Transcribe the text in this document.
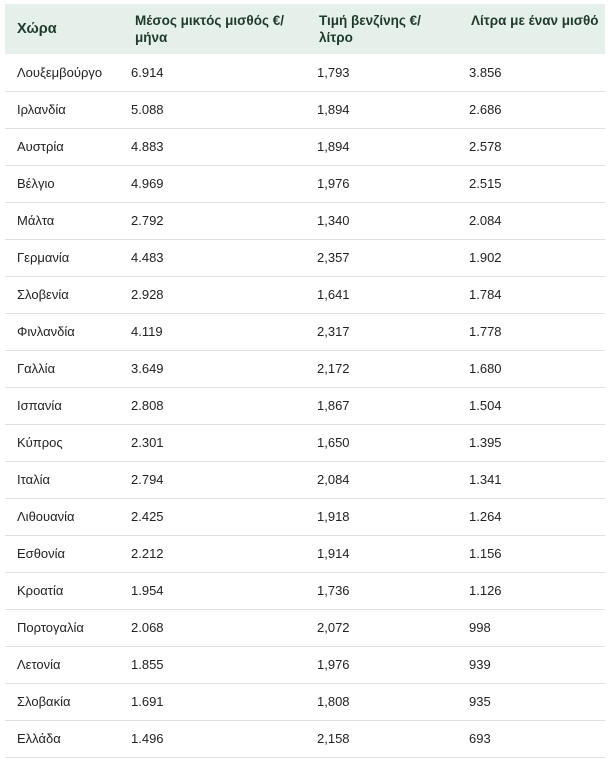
Χώρα	Μέσος μικτός μισθός €/μήνα	Τιμή βενζίνης €/ λίτρο	Λίτρα με έναν μισθό
Λουξεμβούργο	6.914	1,793	3.856
Ιρλανδία	5.088	1,894	2.686
Αυστρία	4.883	1,894	2.578
Βέλγιο	4.969	1,976	2.515
Μάλτα	2.792	1,340	2.084
Γερμανία	4.483	2,357	1.902
Σλοβενία	2.928	1,641	1.784
Φινλανδία	4.119	2,317	1.778
Γαλλία	3.649	2,172	1.680
Ισπανία	2.808	1,867	1.504
Κύπρος	2.301	1,650	1.395
Ιταλία	2.794	2,084	1.341
Λιθουανία	2.425	1,918	1.264
Εσθονία	2.212	1,914	1.156
Κροατία	1.954	1,736	1.126
Πορτογαλία	2.068	2,072	998
Λετονία	1.855	1,976	939
Σλοβακία	1.691	1,808	935
Ελλάδα	1.496	2,158	693
